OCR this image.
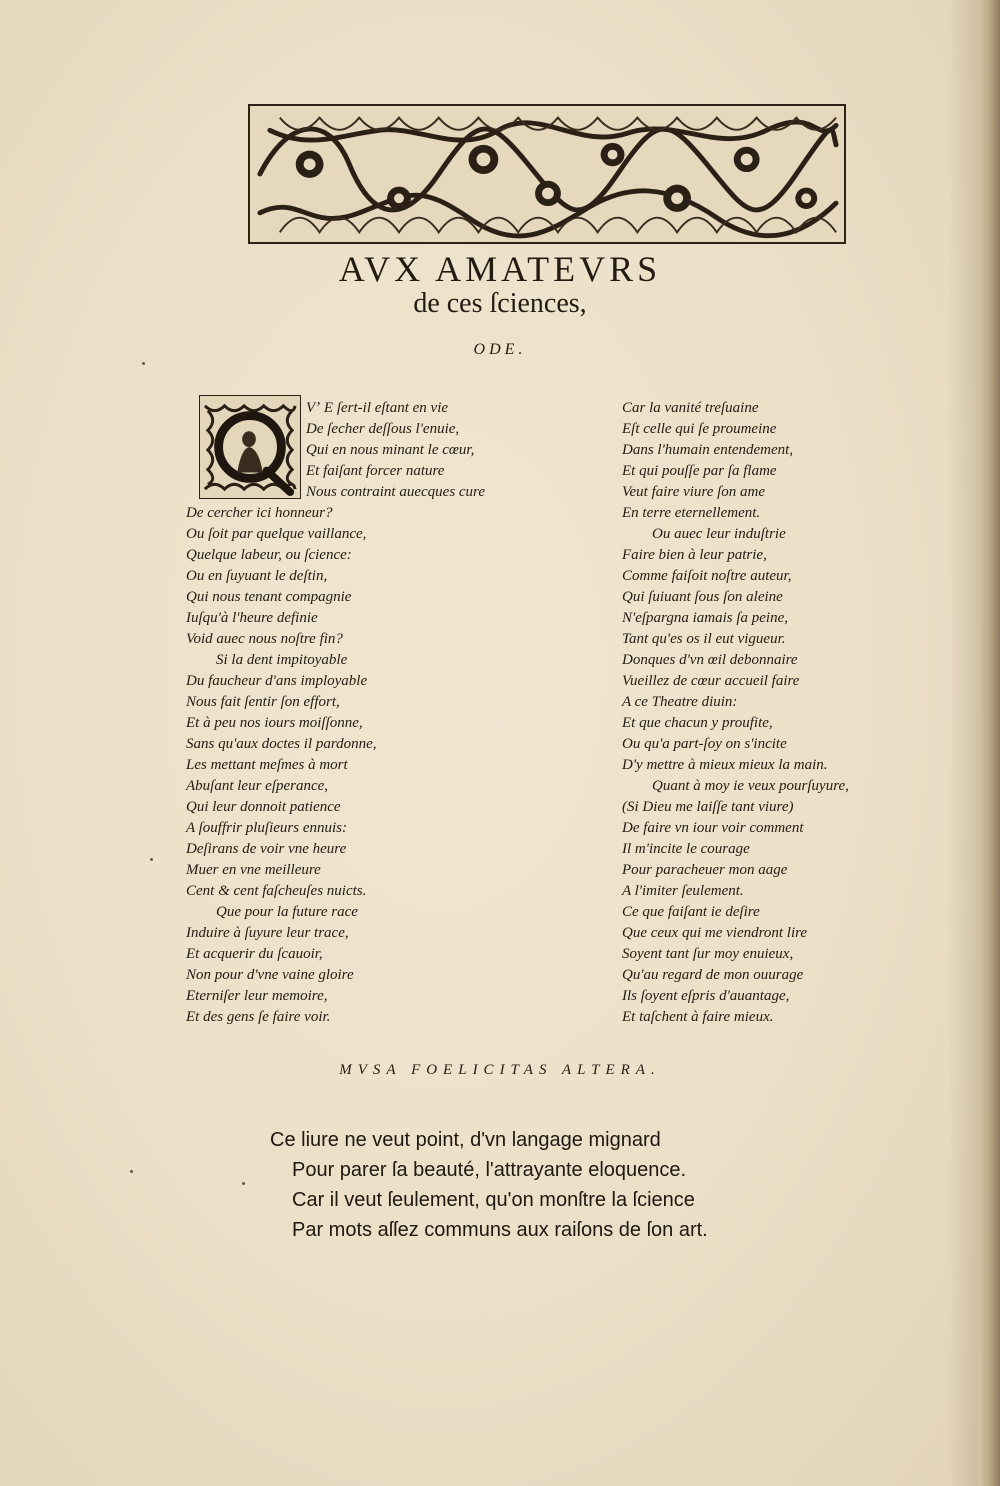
AVX AMATEVRS
de ces ſciences,
ODE.
Vʼ E ſert-il eſtant en vie
De ſecher deſſous l'enuie,
Qui en nous minant le cœur,
Et faiſant forcer nature
Nous contraint auecques cure
De cercher ici honneur?
Ou ſoit par quelque vaillance,
Quelque labeur, ou ſcience:
Ou en ſuyuant le deſtin,
Qui nous tenant compagnie
Iuſqu'à l'heure definie
Void auec nous noſtre fin?
Si la dent impitoyable
Du faucheur d'ans imployable
Nous fait ſentir ſon effort,
Et à peu nos iours moiſſonne,
Sans qu'aux doctes il pardonne,
Les mettant meſmes à mort
Abuſant leur eſperance,
Qui leur donnoit patience
A ſouffrir pluſieurs ennuis:
Deſirans de voir vne heure
Muer en vne meilleure
Cent & cent faſcheuſes nuicts.
Que pour la future race
Induire à ſuyure leur trace,
Et acquerir du ſcauoir,
Non pour d'vne vaine gloire
Eterniſer leur memoire,
Et des gens ſe faire voir.
Car la vanité treſuaine
Eſt celle qui ſe proumeine
Dans l'humain entendement,
Et qui pouſſe par ſa flame
Veut faire viure ſon ame
En terre eternellement.
Ou auec leur induſtrie
Faire bien à leur patrie,
Comme faiſoit noſtre auteur,
Qui ſuiuant ſous ſon aleine
N'eſpargna iamais ſa peine,
Tant qu'es os il eut vigueur.
Donques d'vn œil debonnaire
Vueillez de cœur accueil faire
A ce Theatre diuin:
Et que chacun y proufite,
Ou qu'a part-ſoy on s'incite
D'y mettre à mieux mieux la main.
Quant à moy ie veux pourſuyure,
(Si Dieu me laiſſe tant viure)
De faire vn iour voir comment
Il m'incite le courage
Pour paracheuer mon aage
A l'imiter ſeulement.
Ce que faiſant ie deſire
Que ceux qui me viendront lire
Soyent tant ſur moy enuieux,
Qu'au regard de mon ouurage
Ils ſoyent eſpris d'auantage,
Et taſchent à faire mieux.
MVSA FOELICITAS ALTERA.
Ce liure ne veut point, d'vn langage mignard
Pour parer ſa beauté, l'attrayante eloquence.
Car il veut ſeulement, qu'on monſtre la ſcience
Par mots aſſez communs aux raiſons de ſon art.
